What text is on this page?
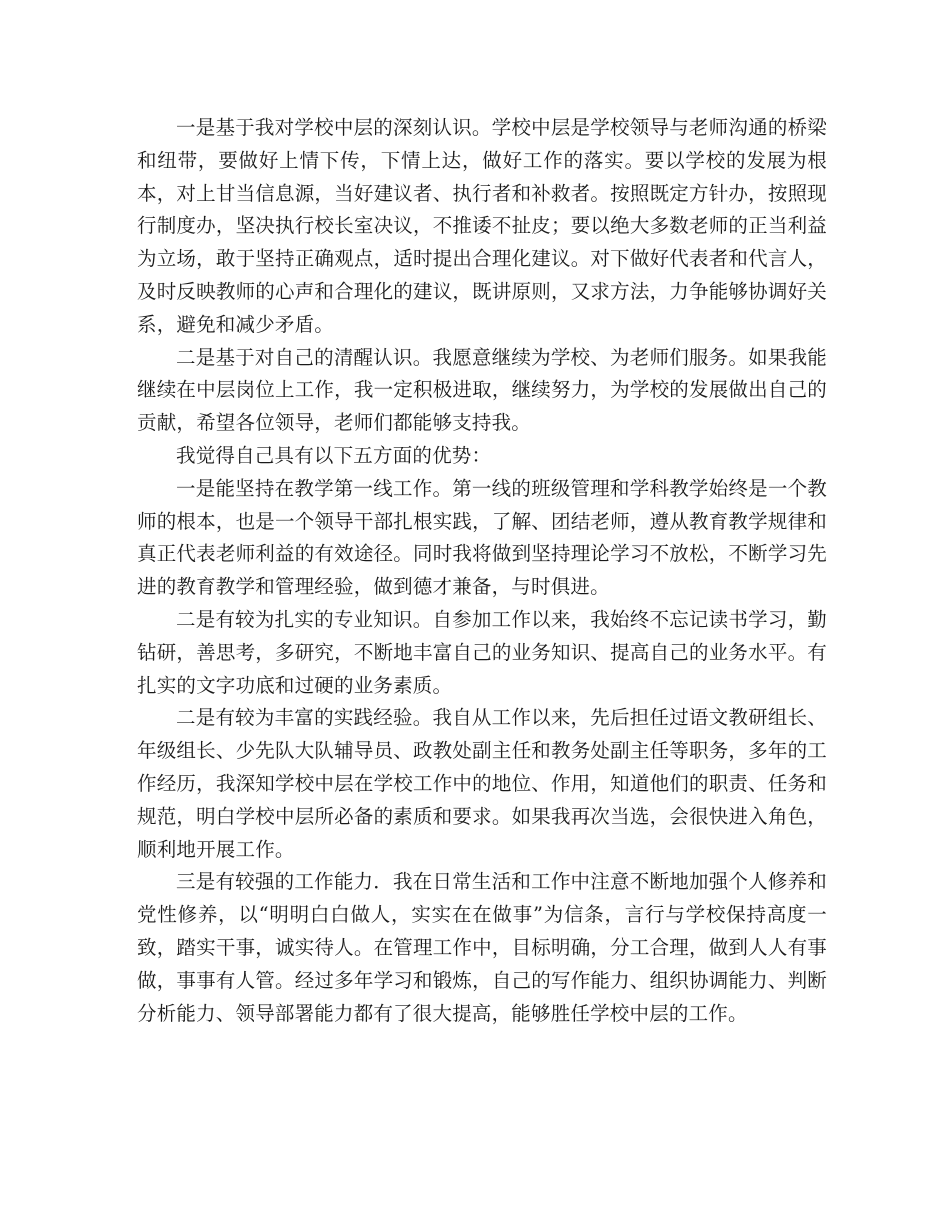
一是基于我对学校中层的深刻认识。学校中层是学校领导与老师沟通的桥梁和纽带，要做好上情下传，下情上达，做好工作的落实。要以学校的发展为根本，对上甘当信息源，当好建议者、执行者和补救者。按照既定方针办，按照现行制度办，坚决执行校长室决议，不推诿不扯皮；要以绝大多数老师的正当利益为立场，敢于坚持正确观点，适时提出合理化建议。对下做好代表者和代言人，及时反映教师的心声和合理化的建议，既讲原则，又求方法，力争能够协调好关系，避免和减少矛盾。

二是基于对自己的清醒认识。我愿意继续为学校、为老师们服务。如果我能继续在中层岗位上工作，我一定积极进取，继续努力，为学校的发展做出自己的贡献，希望各位领导，老师们都能够支持我。

我觉得自己具有以下五方面的优势：

一是能坚持在教学第一线工作。第一线的班级管理和学科教学始终是一个教师的根本，也是一个领导干部扎根实践，了解、团结老师，遵从教育教学规律和真正代表老师利益的有效途径。同时我将做到坚持理论学习不放松，不断学习先进的教育教学和管理经验，做到德才兼备，与时俱进。

二是有较为扎实的专业知识。自参加工作以来，我始终不忘记读书学习，勤钻研，善思考，多研究，不断地丰富自己的业务知识、提高自己的业务水平。有扎实的文字功底和过硬的业务素质。

二是有较为丰富的实践经验。我自从工作以来，先后担任过语文教研组长、年级组长、少先队大队辅导员、政教处副主任和教务处副主任等职务，多年的工作经历，我深知学校中层在学校工作中的地位、作用，知道他们的职责、任务和规范，明白学校中层所必备的素质和要求。如果我再次当选，会很快进入角色，顺利地开展工作。

三是有较强的工作能力．我在日常生活和工作中注意不断地加强个人修养和党性修养，以“明明白白做人，实实在在做事”为信条，言行与学校保持高度一致，踏实干事，诚实待人。在管理工作中，目标明确，分工合理，做到人人有事做，事事有人管。经过多年学习和锻炼，自己的写作能力、组织协调能力、判断分析能力、领导部署能力都有了很大提高，能够胜任学校中层的工作。
